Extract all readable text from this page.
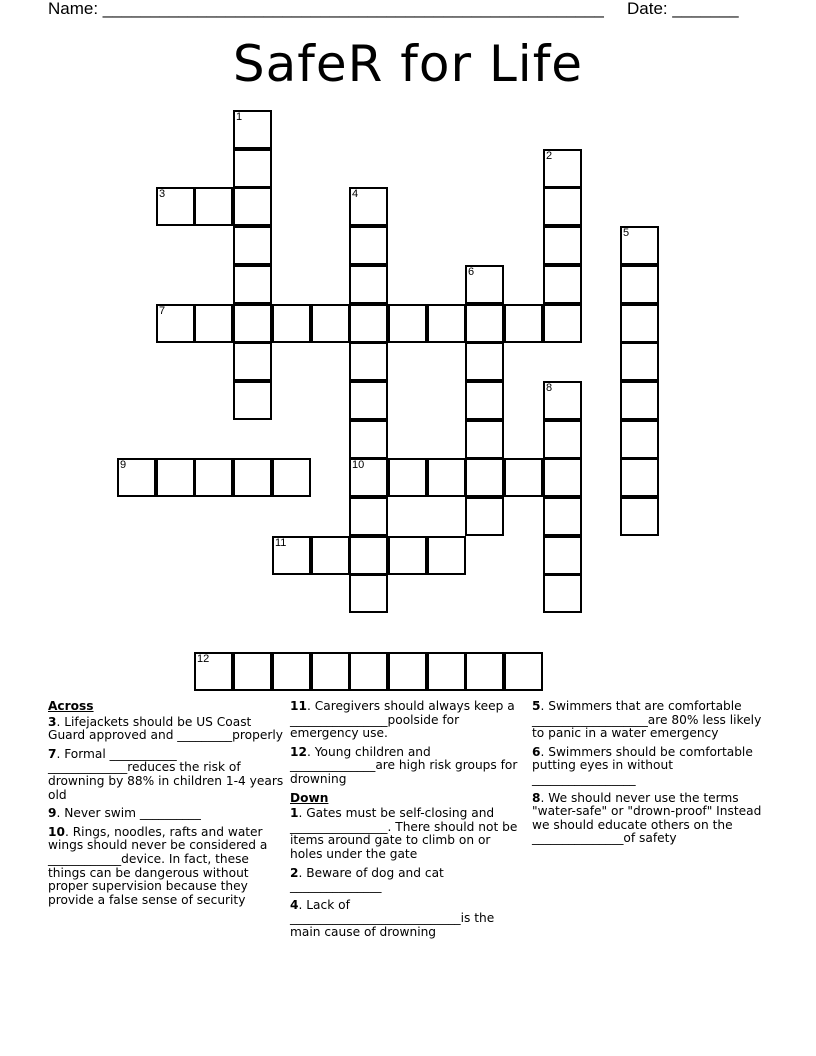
Name: _____________________________________________________ Date: _______
SafeR for Life
3
7
9	10
11
12
1
2
4
5
6
8
Across
3. Lifejackets should be US Coast Guard approved and _________properly
7. Formal ___________ _____________reduces the risk of drowning by 88% in children 1-4 years old
9. Never swim __________
10. Rings, noodles, rafts and water wings should never be considered a ____________device. In fact, these things can be dangerous without proper supervision because they provide a false sense of security
11. Caregivers should always keep a ________________poolside for emergency use.
12. Young children and ______________are high risk groups for drowning
Down
1. Gates must be self-closing and ________________. There should not be items around gate to climb on or holes under the gate
2. Beware of dog and cat _______________
4. Lack of ____________________________is the main cause of drowning
5. Swimmers that are comfortable ___________________are 80% less likely to panic in a water emergency
6. Swimmers should be comfortable putting eyes in without _________________
8. We should never use the terms "water-safe" or "drown-proof" Instead we should educate others on the _______________of safety
